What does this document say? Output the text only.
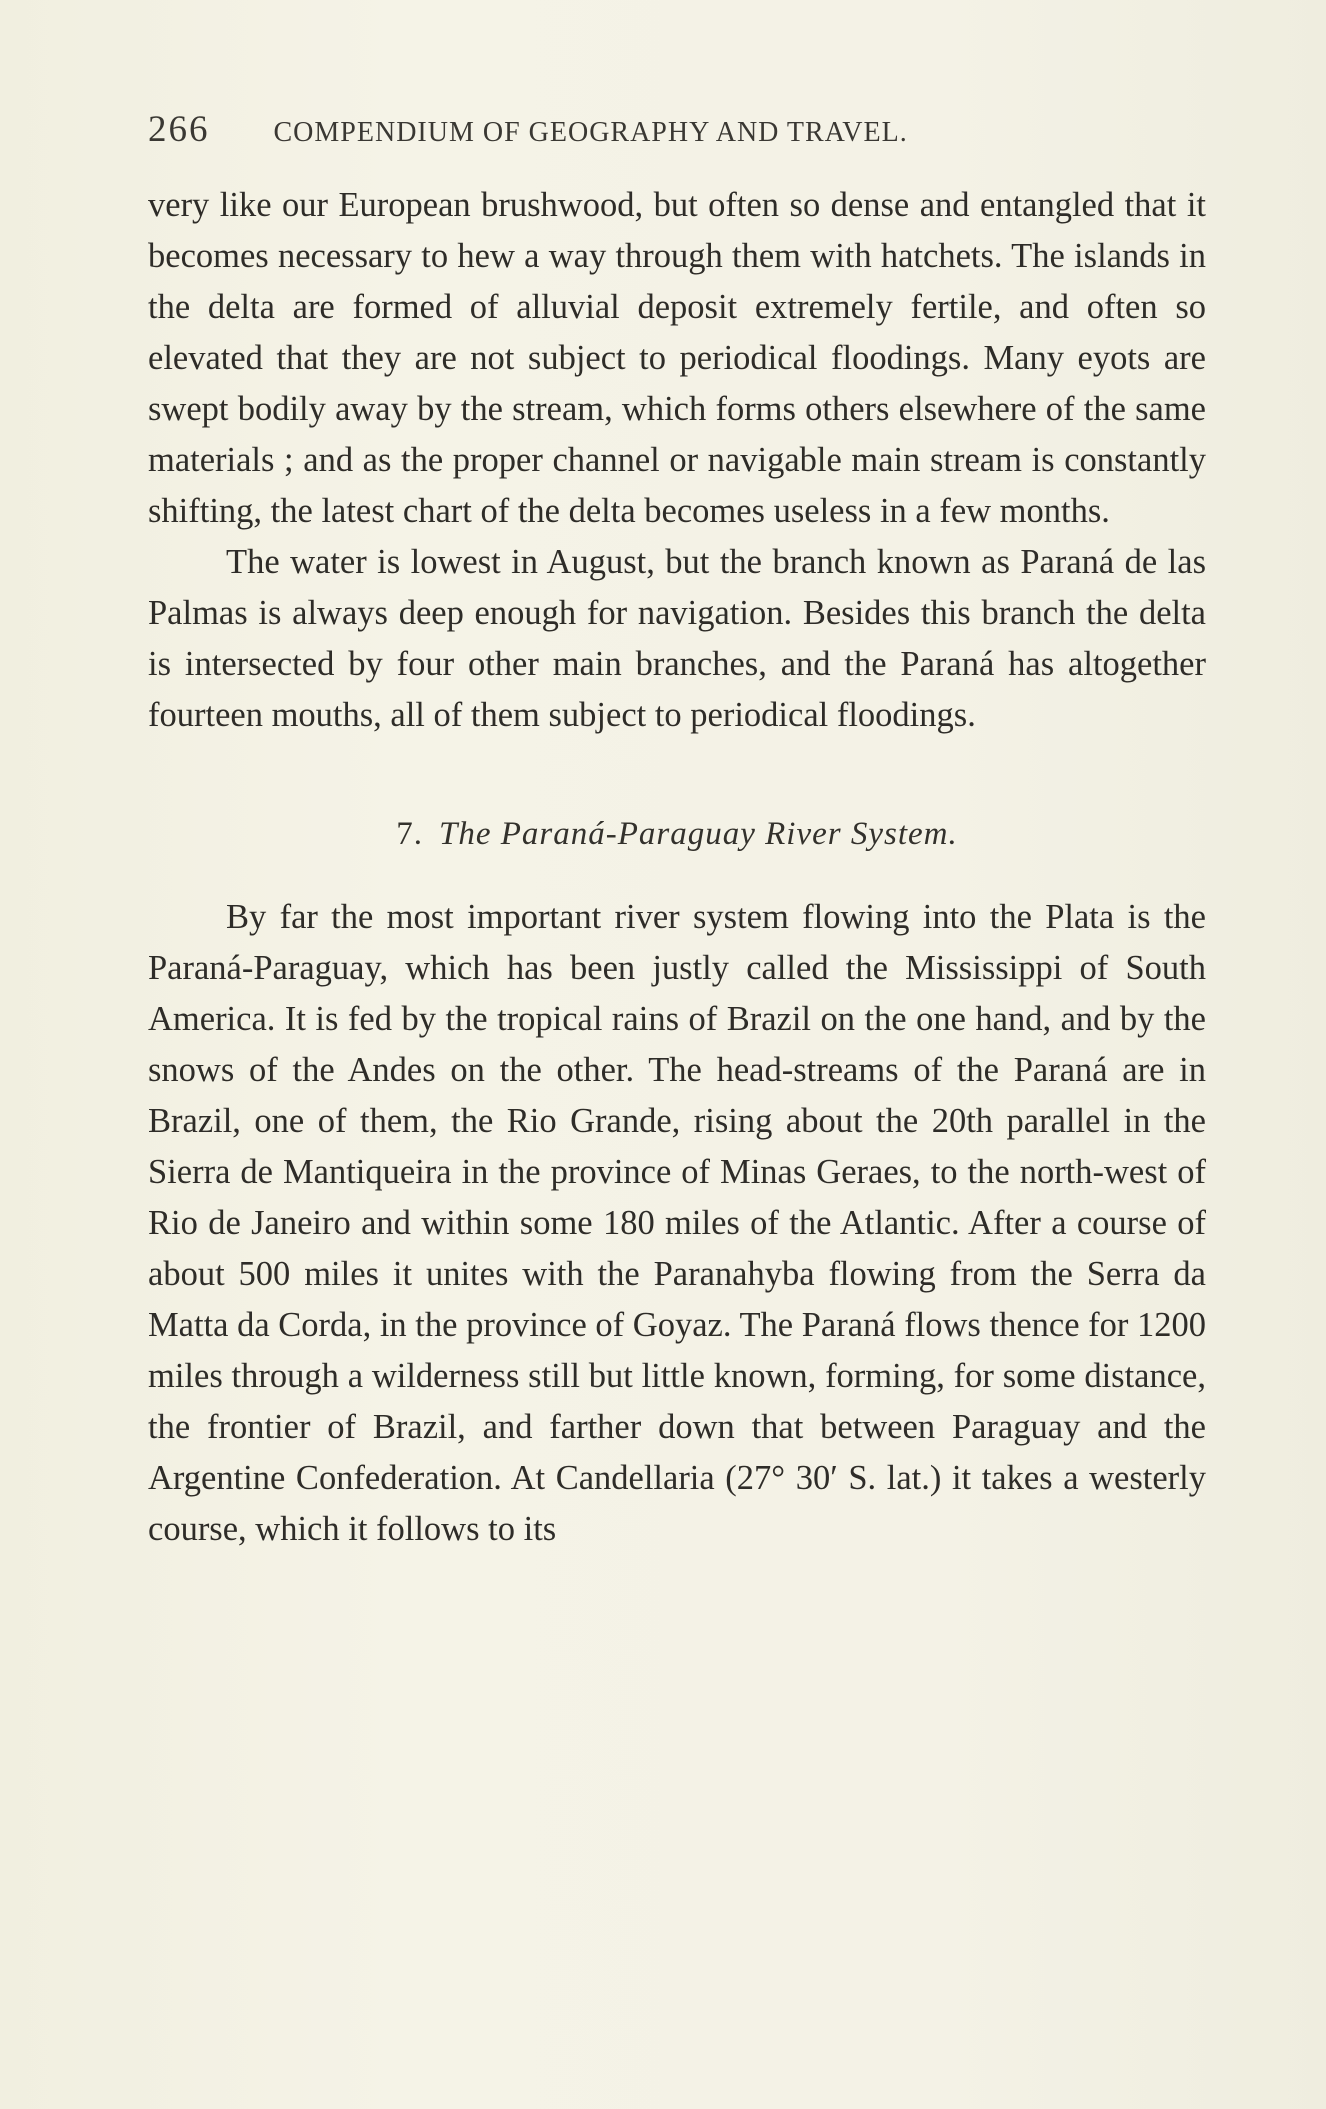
266 COMPENDIUM OF GEOGRAPHY AND TRAVEL.

very like our European brushwood, but often so dense and entangled that it becomes necessary to hew a way through them with hatchets. The islands in the delta are formed of alluvial deposit extremely fertile, and often so elevated that they are not subject to periodical floodings. Many eyots are swept bodily away by the stream, which forms others elsewhere of the same materials ; and as the proper channel or navigable main stream is constantly shifting, the latest chart of the delta becomes useless in a few months.

The water is lowest in August, but the branch known as Paraná de las Palmas is always deep enough for navigation. Besides this branch the delta is intersected by four other main branches, and the Paraná has altogether fourteen mouths, all of them subject to periodical floodings.

7. The Paraná-Paraguay River System.

By far the most important river system flowing into the Plata is the Paraná-Paraguay, which has been justly called the Mississippi of South America. It is fed by the tropical rains of Brazil on the one hand, and by the snows of the Andes on the other. The head-streams of the Paraná are in Brazil, one of them, the Rio Grande, rising about the 20th parallel in the Sierra de Mantiqueira in the province of Minas Geraes, to the north-west of Rio de Janeiro and within some 180 miles of the Atlantic. After a course of about 500 miles it unites with the Paranahyba flowing from the Serra da Matta da Corda, in the province of Goyaz. The Paraná flows thence for 1200 miles through a wilderness still but little known, forming, for some distance, the frontier of Brazil, and farther down that between Paraguay and the Argentine Confederation. At Candellaria (27° 30′ S. lat.) it takes a westerly course, which it follows to its
